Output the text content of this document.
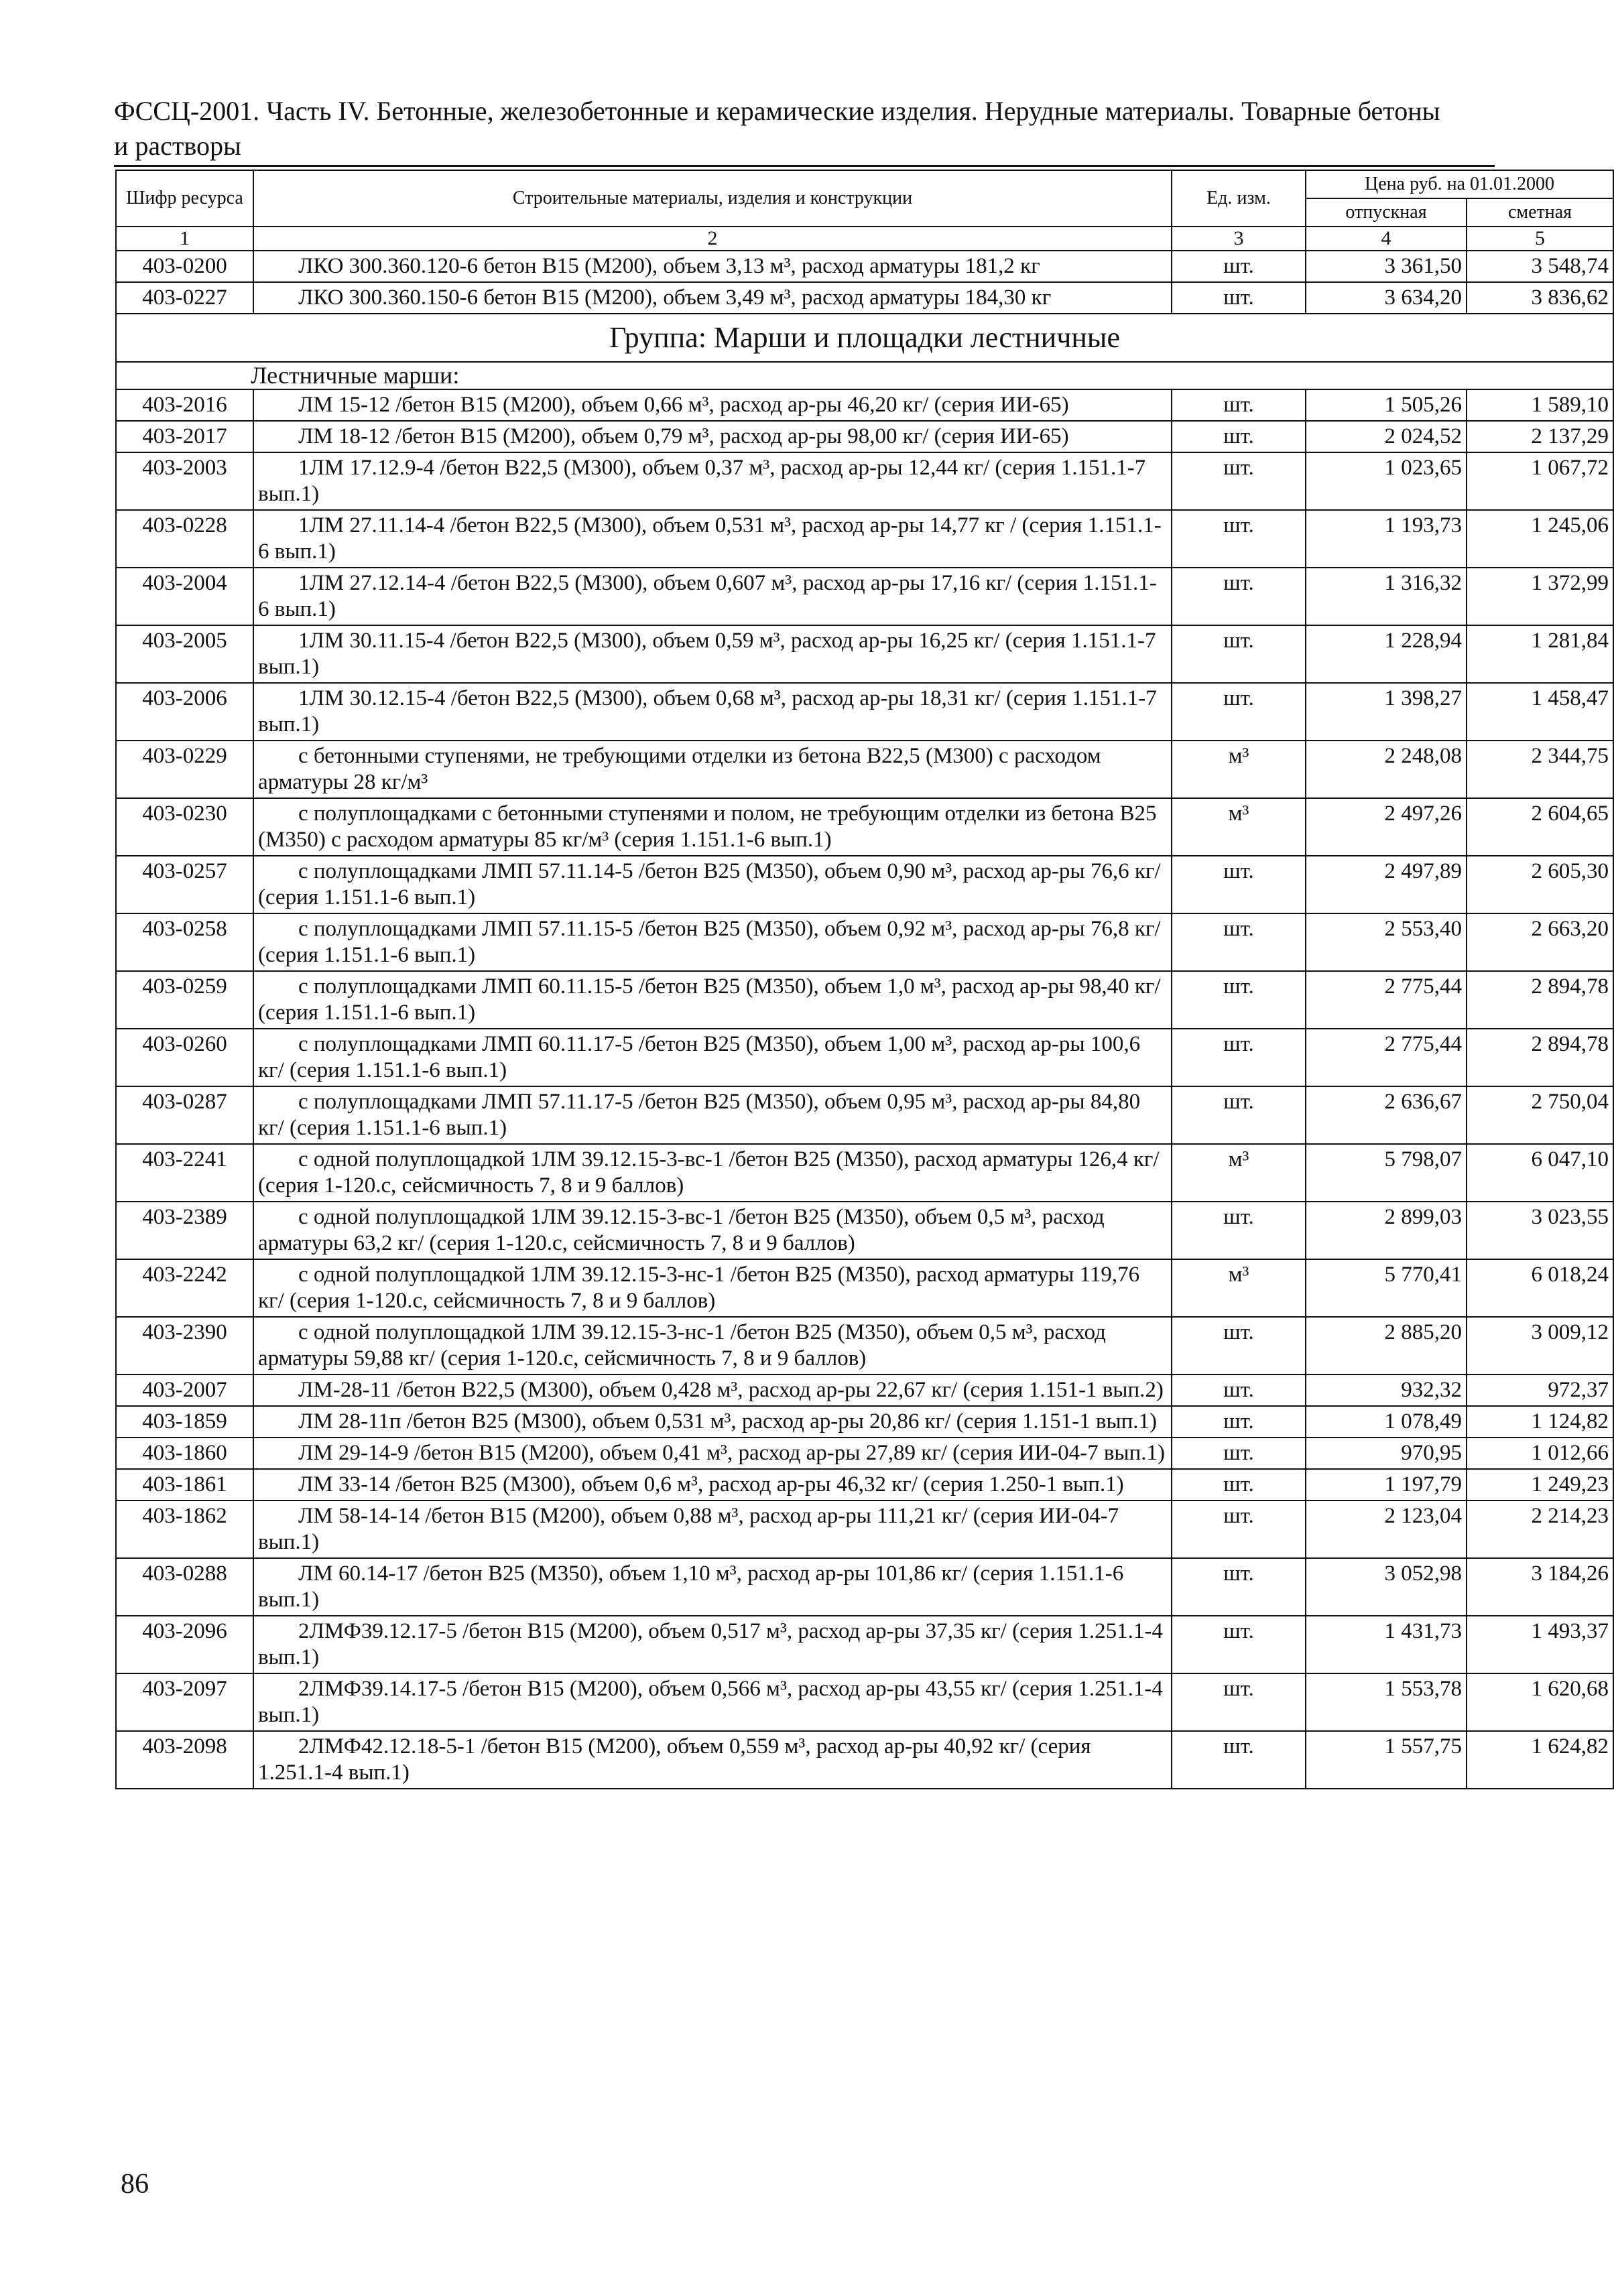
ФССЦ-2001. Часть IV. Бетонные, железобетонные и керамические изделия. Нерудные материалы. Товарные бетоны
и растворы
Шифр ресурса	Строительные материалы, изделия и конструкции	Ед. изм.	Цена руб. на 01.01.2000	
			отпускная	сметная
1	2	3	4	5
403-0200	ЛКО 300.360.120-6 бетон В15 (М200), объем 3,13 м³, расход арматуры 181,2 кг	шт.	3 361,50	3 548,74
403-0227	ЛКО 300.360.150-6 бетон В15 (М200), объем 3,49 м³, расход арматуры 184,30 кг	шт.	3 634,20	3 836,62
Группа: Марши и площадки лестничные				
Лестничные марши:				
403-2016	ЛМ 15-12 /бетон В15 (М200), объем 0,66 м³, расход ар-ры 46,20 кг/ (серия ИИ-65)	шт.	1 505,26	1 589,10
403-2017	ЛМ 18-12 /бетон В15 (М200), объем 0,79 м³, расход ар-ры 98,00 кг/ (серия ИИ-65)	шт.	2 024,52	2 137,29
403-2003	1ЛМ 17.12.9-4 /бетон В22,5 (М300), объем 0,37 м³, расход ар-ры 12,44 кг/ (серия 1.151.1-7 вып.1)	шт.	1 023,65	1 067,72
403-0228	1ЛМ 27.11.14-4 /бетон В22,5 (М300), объем 0,531 м³, расход ар-ры 14,77 кг / (серия 1.151.1-6 вып.1)	шт.	1 193,73	1 245,06
403-2004	1ЛМ 27.12.14-4 /бетон В22,5 (М300), объем 0,607 м³, расход ар-ры 17,16 кг/ (серия 1.151.1-6 вып.1)	шт.	1 316,32	1 372,99
403-2005	1ЛМ 30.11.15-4 /бетон В22,5 (М300), объем 0,59 м³, расход ар-ры 16,25 кг/ (серия 1.151.1-7 вып.1)	шт.	1 228,94	1 281,84
403-2006	1ЛМ 30.12.15-4 /бетон В22,5 (М300), объем 0,68 м³, расход ар-ры 18,31 кг/ (серия 1.151.1-7 вып.1)	шт.	1 398,27	1 458,47
403-0229	с бетонными ступенями, не требующими отделки из бетона В22,5 (М300) с расходом арматуры 28 кг/м³	м³	2 248,08	2 344,75
403-0230	с полуплощадками с бетонными ступенями и полом, не требующим отделки из бетона В25 (М350) с расходом арматуры 85 кг/м³ (серия 1.151.1-6 вып.1)	м³	2 497,26	2 604,65
403-0257	с полуплощадками ЛМП 57.11.14-5 /бетон В25 (М350), объем 0,90 м³, расход ар-ры 76,6 кг/ (серия 1.151.1-6 вып.1)	шт.	2 497,89	2 605,30
403-0258	с полуплощадками ЛМП 57.11.15-5 /бетон В25 (М350), объем 0,92 м³, расход ар-ры 76,8 кг/ (серия 1.151.1-6 вып.1)	шт.	2 553,40	2 663,20
403-0259	с полуплощадками ЛМП 60.11.15-5 /бетон В25 (М350), объем 1,0 м³, расход ар-ры 98,40 кг/ (серия 1.151.1-6 вып.1)	шт.	2 775,44	2 894,78
403-0260	с полуплощадками ЛМП 60.11.17-5 /бетон В25 (М350), объем 1,00 м³, расход ар-ры 100,6 кг/ (серия 1.151.1-6 вып.1)	шт.	2 775,44	2 894,78
403-0287	с полуплощадками ЛМП 57.11.17-5 /бетон В25 (М350), объем 0,95 м³, расход ар-ры 84,80 кг/ (серия 1.151.1-6 вып.1)	шт.	2 636,67	2 750,04
403-2241	с одной полуплощадкой 1ЛМ 39.12.15-3-вс-1 /бетон В25 (М350), расход арматуры 126,4 кг/ (серия 1-120.с, сейсмичность 7, 8 и 9 баллов)	м³	5 798,07	6 047,10
403-2389	с одной полуплощадкой 1ЛМ 39.12.15-3-вс-1 /бетон В25 (М350), объем 0,5 м³, расход арматуры 63,2 кг/ (серия 1-120.с, сейсмичность 7, 8 и 9 баллов)	шт.	2 899,03	3 023,55
403-2242	с одной полуплощадкой 1ЛМ 39.12.15-3-нс-1 /бетон В25 (М350), расход арматуры 119,76 кг/ (серия 1-120.с, сейсмичность 7, 8 и 9 баллов)	м³	5 770,41	6 018,24
403-2390	с одной полуплощадкой 1ЛМ 39.12.15-3-нс-1 /бетон В25 (М350), объем 0,5 м³, расход арматуры 59,88 кг/ (серия 1-120.с, сейсмичность 7, 8 и 9 баллов)	шт.	2 885,20	3 009,12
403-2007	ЛМ-28-11 /бетон В22,5 (М300), объем 0,428 м³, расход ар-ры 22,67 кг/ (серия 1.151-1 вып.2)	шт.	932,32	972,37
403-1859	ЛМ 28-11п /бетон В25 (М300), объем 0,531 м³, расход ар-ры 20,86 кг/ (серия 1.151-1 вып.1)	шт.	1 078,49	1 124,82
403-1860	ЛМ 29-14-9 /бетон В15 (М200), объем 0,41 м³, расход ар-ры 27,89 кг/ (серия ИИ-04-7 вып.1)	шт.	970,95	1 012,66
403-1861	ЛМ 33-14 /бетон В25 (М300), объем 0,6 м³, расход ар-ры 46,32 кг/ (серия 1.250-1 вып.1)	шт.	1 197,79	1 249,23
403-1862	ЛМ 58-14-14 /бетон В15 (М200), объем 0,88 м³, расход ар-ры 111,21 кг/ (серия ИИ-04-7 вып.1)	шт.	2 123,04	2 214,23
403-0288	ЛМ 60.14-17 /бетон В25 (М350), объем 1,10 м³, расход ар-ры 101,86 кг/ (серия 1.151.1-6 вып.1)	шт.	3 052,98	3 184,26
403-2096	2ЛМФ39.12.17-5 /бетон В15 (М200), объем 0,517 м³, расход ар-ры 37,35 кг/ (серия 1.251.1-4 вып.1)	шт.	1 431,73	1 493,37
403-2097	2ЛМФ39.14.17-5 /бетон В15 (М200), объем 0,566 м³, расход ар-ры 43,55 кг/ (серия 1.251.1-4 вып.1)	шт.	1 553,78	1 620,68
403-2098	2ЛМФ42.12.18-5-1 /бетон В15 (М200), объем 0,559 м³, расход ар-ры 40,92 кг/ (серия 1.251.1-4 вып.1)	шт.	1 557,75	1 624,82
86
